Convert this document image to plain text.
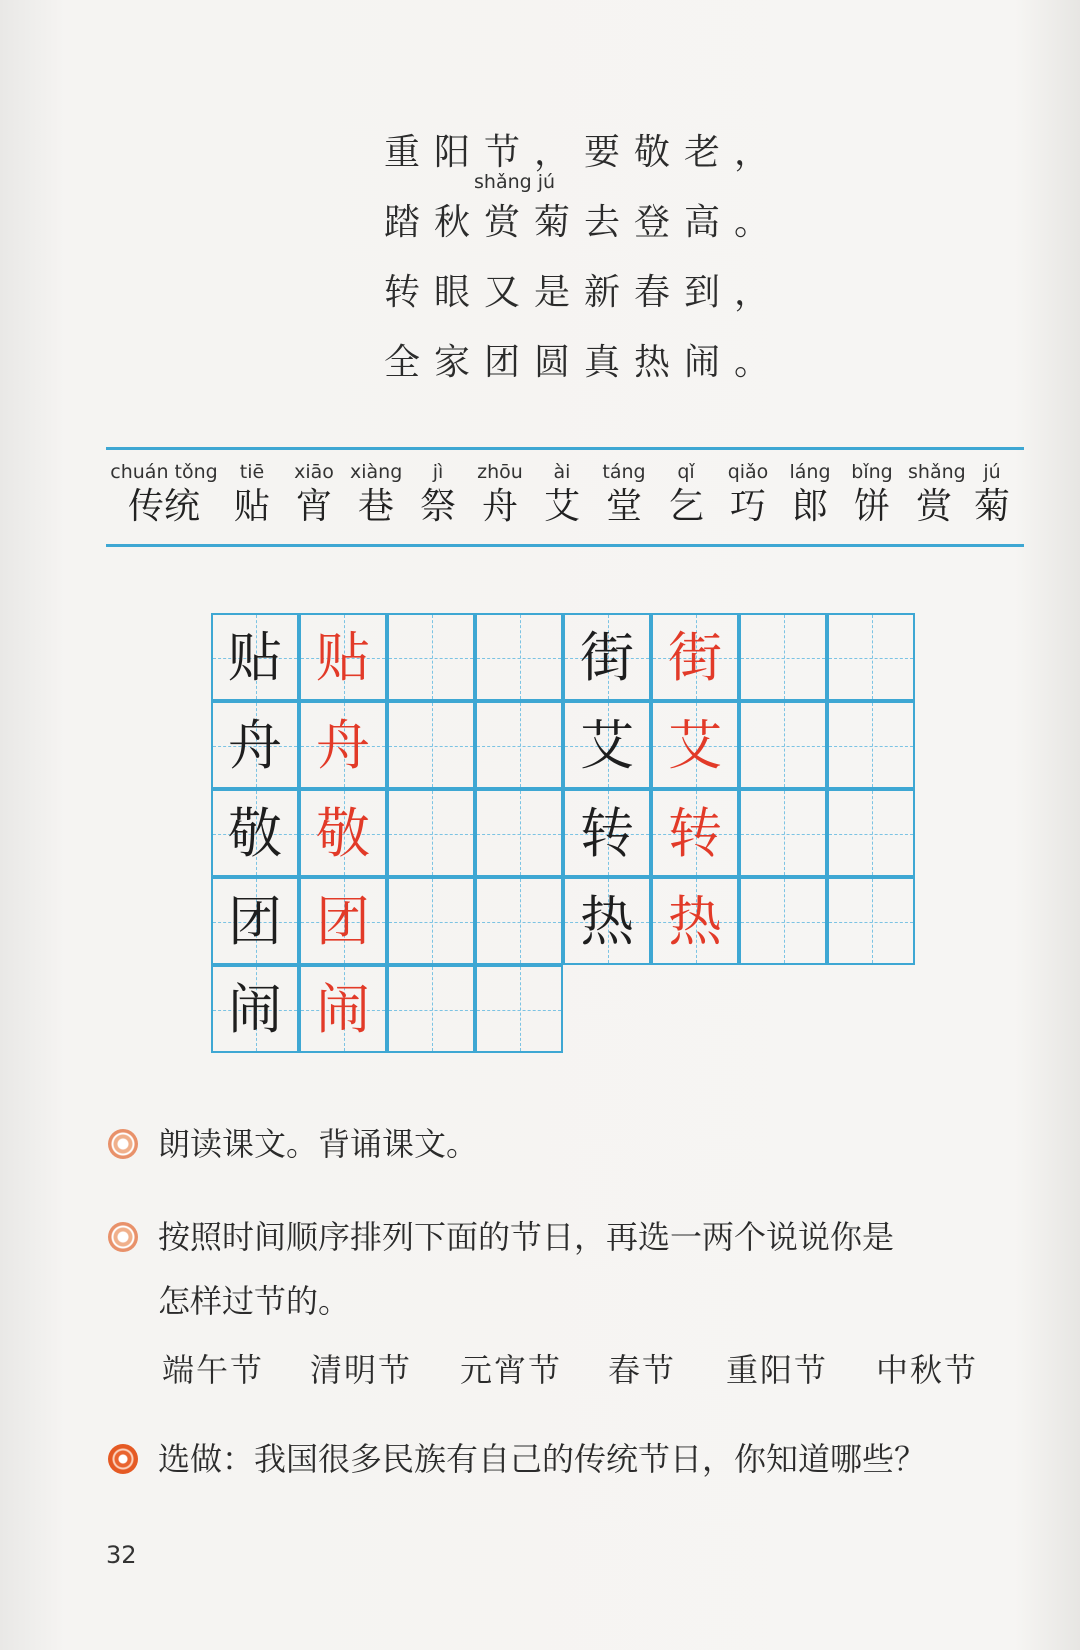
重阳节，要敬老，
shǎng jú
踏秋赏菊去登高。
转眼又是新春到，
全家团圆真热闹。
chuán tǒng
传统
tiē
贴
xiāo
宵
xiàng
巷
jì
祭
zhōu
舟
ài
艾
táng
堂
qǐ
乞
qiǎo
巧
láng
郎
bǐng
饼
shǎng
赏
jú
菊
贴 贴
舟 舟
敬 敬
团 团
闹 闹
街 街
艾 艾
转 转
热 热
朗读课文。背诵课文。
按照时间顺序排列下面的节日，再选一两个说说你是
怎样过节的。
端午节 清明节 元宵节 春节 重阳节 中秋节
选做：我国很多民族有自己的传统节日，你知道哪些？
32
